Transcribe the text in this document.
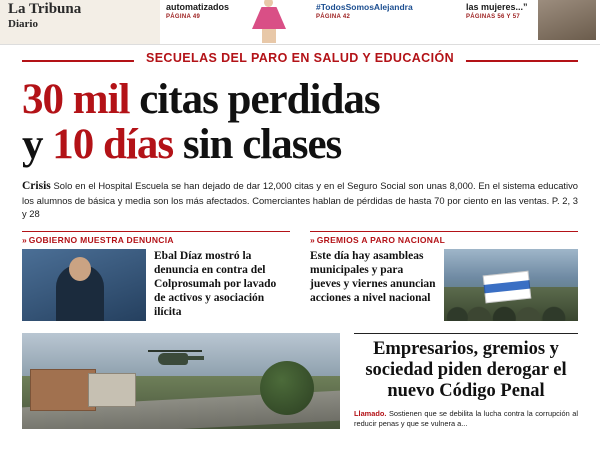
La Tribuna
Diario
automatizados
PÁGINA 49
#TodosSomosAlejandra
PÁGINA 42
las mujeres...”
PÁGINAS 56 Y 57
SECUELAS DEL PARO EN SALUD Y EDUCACIÓN
30 mil citas perdidas
y 10 días sin clases
Crisis Solo en el Hospital Escuela se han dejado de dar 12,000 citas y en el Seguro Social son unas 8,000. En el sistema educativo los alumnos de básica y media son los más afectados. Comerciantes hablan de pérdidas de hasta 70 por ciento en las ventas. P. 2, 3 y 28
» GOBIERNO MUESTRA DENUNCIA
Ebal Díaz mostró la denuncia en contra del Colprosumah por lavado de activos y asociación ilícita
» GREMIOS A PARO NACIONAL
Este día hay asambleas municipales y para jueves y viernes anuncian acciones a nivel nacional
Empresarios, gremios y sociedad piden derogar el nuevo Código Penal
Llamado. Sostienen que se debilita la lucha contra la corrupción al reducir penas y que se vulnera a...
